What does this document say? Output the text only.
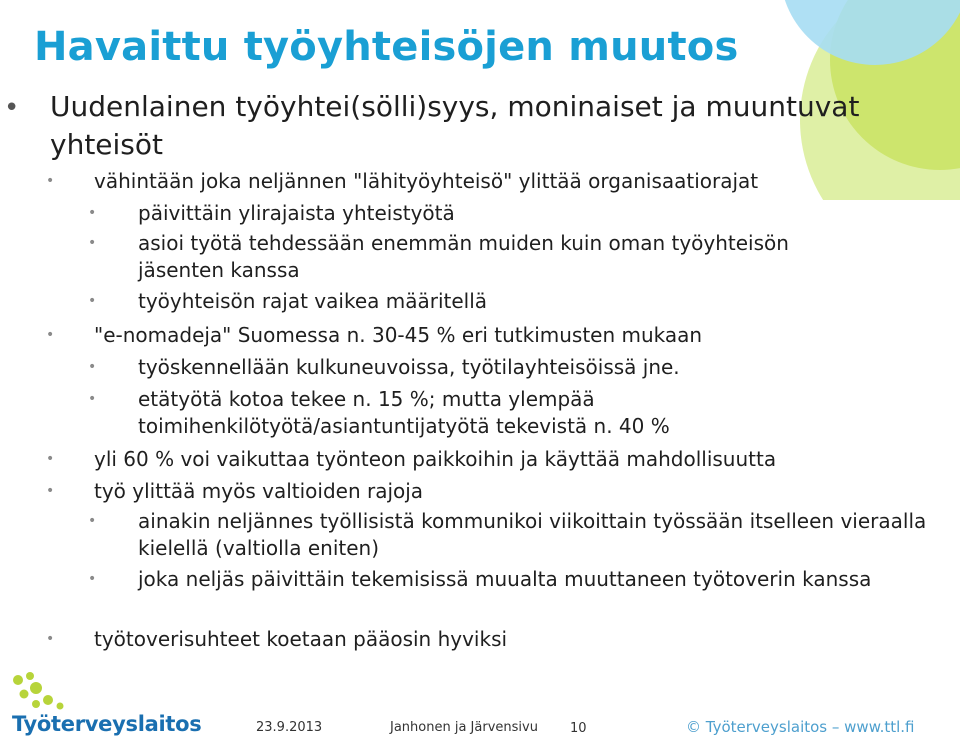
Havaittu työyhteisöjen muutos
• Uudenlainen työyhtei(sölli)syys, moninaiset ja muuntuvat yhteisöt
• vähintään joka neljännen "lähityöyhteisö" ylittää organisaatiorajat
• päivittäin ylirajaista yhteistyötä
• asioi työtä tehdessään enemmän muiden kuin oman työyhteisön jäsenten kanssa
• työyhteisön rajat vaikea määritellä
• "e-nomadeja" Suomessa n. 30-45 % eri tutkimusten mukaan
• työskennellään kulkuneuvoissa, työtilayhteisöissä jne.
• etätyötä kotoa tekee n. 15 %; mutta ylempää toimihenkilötyötä/asiantuntijatyötä tekevistä n. 40 %
• yli 60 % voi vaikuttaa työnteon paikkoihin ja käyttää mahdollisuutta
• työ ylittää myös valtioiden rajoja
• ainakin neljännes työllisistä kommunikoi viikoittain työssään itselleen vieraalla kielellä (valtiolla eniten)
• joka neljäs päivittäin tekemisissä muualta muuttaneen työtoverin kanssa
• työtoverisuhteet koetaan pääosin hyviksi
Työterveyslaitos	23.9.2013	Janhonen ja Järvensivu 10	© Työterveyslaitos – www.ttl.fi
